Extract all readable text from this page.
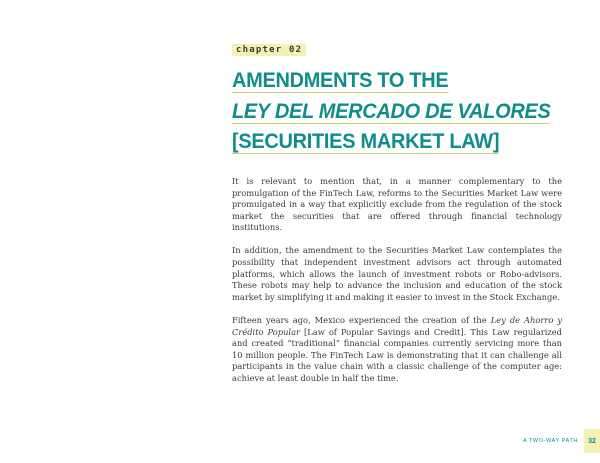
chapter 02
AMENDMENTS TO THE
LEY DEL MERCADO DE VALORES
[SECURITIES MARKET LAW]

It is relevant to mention that, in a manner complementary to the promulgation of the FinTech Law, reforms to the Securities Market Law were promulgated in a way that explicitly exclude from the regulation of the stock market the securities that are offered through financial technology institutions.

In addition, the amendment to the Securities Market Law contemplates the possibility that independent investment advisors act through automated platforms, which allows the launch of investment robots or Robo-advisors. These robots may help to advance the inclusion and education of the stock market by simplifying it and making it easier to invest in the Stock Exchange.

Fifteen years ago, Mexico experienced the creation of the Ley de Ahorro y Crédito Popular [Law of Popular Savings and Credit]. This Law regularized and created “traditional” financial companies currently servicing more than 10 million people. The FinTech Law is demonstrating that it can challenge all participants in the value chain with a classic challenge of the computer age: achieve at least double in half the time.

A TWO-WAY PATH	32
